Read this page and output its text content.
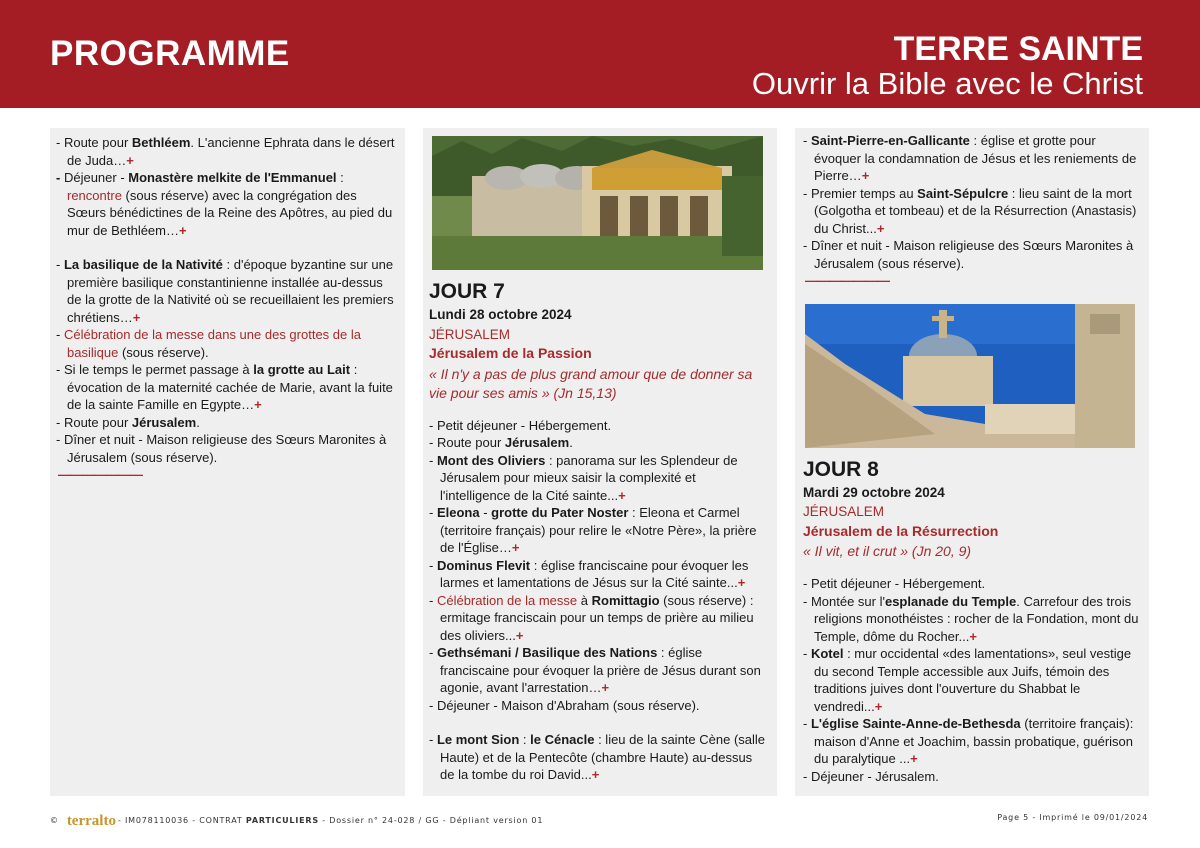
PROGRAMME	TERRE SAINTE
Ouvrir la Bible avec le Christ
- Route pour Bethléem. L'ancienne Ephrata dans le désert de Juda…+
- Déjeuner - Monastère melkite de l'Emmanuel : rencontre (sous réserve) avec la congrégation des Sœurs bénédictines de la Reine des Apôtres, au pied du mur de Bethléem…+
- La basilique de la Nativité : d'époque byzantine sur une première basilique constantinienne installée au-dessus de la grotte de la Nativité où se recueillaient les premiers chrétiens…+
- Célébration de la messe dans une des grottes de la basilique (sous réserve).
- Si le temps le permet passage à la grotte au Lait : évocation de la maternité cachée de Marie, avant la fuite de la sainte Famille en Egypte…+
- Route pour Jérusalem.
- Dîner et nuit - Maison religieuse des Sœurs Maronites à Jérusalem (sous réserve).
———————
JOUR 7
Lundi 28 octobre 2024
JÉRUSALEM
Jérusalem de la Passion
« Il n'y a pas de plus grand amour que de donner sa vie pour ses amis » (Jn 15,13)
- Petit déjeuner - Hébergement.
- Route pour Jérusalem.
- Mont des Oliviers : panorama sur les Splendeur de Jérusalem pour mieux saisir la complexité et l'intelligence de la Cité sainte...+
- Eleona - grotte du Pater Noster : Eleona et Carmel (territoire français) pour relire le «Notre Père», la prière de l'Église…+
- Dominus Flevit : église franciscaine pour évoquer les larmes et lamentations de Jésus sur la Cité sainte...+
- Célébration de la messe à Romittagio (sous réserve) : ermitage franciscain pour un temps de prière au milieu des oliviers...+
- Gethsémani / Basilique des Nations : église franciscaine pour évoquer la prière de Jésus durant son agonie, avant l'arrestation…+
- Déjeuner - Maison d'Abraham (sous réserve).
- Le mont Sion : le Cénacle : lieu de la sainte Cène (salle Haute) et de la Pentecôte (chambre Haute) au-dessus de la tombe du roi David...+
- Saint-Pierre-en-Gallicante : église et grotte pour évoquer la condamnation de Jésus et les reniements de Pierre…+
- Premier temps au Saint-Sépulcre : lieu saint de la mort (Golgotha et tombeau) et de la Résurrection (Anastasis) du Christ...+
- Dîner et nuit - Maison religieuse des Sœurs Maronites à Jérusalem (sous réserve).
———————
JOUR 8
Mardi 29 octobre 2024
JÉRUSALEM
Jérusalem de la Résurrection
« Il vit, et il crut » (Jn 20, 9)
- Petit déjeuner - Hébergement.
- Montée sur l'esplanade du Temple. Carrefour des trois religions monothéistes : rocher de la Fondation, mont du Temple, dôme du Rocher...+
- Kotel : mur occidental «des lamentations», seul vestige du second Temple accessible aux Juifs, témoin des traditions juives dont l'ouverture du Shabbat le vendredi...+
- L'église Sainte-Anne-de-Bethesda (territoire français): maison d'Anne et Joachim, bassin probatique, guérison du paralytique ...+
- Déjeuner - Jérusalem.
© terralto - IM078110036 - CONTRAT PARTICULIERS - Dossier n° 24-028 / GG - Dépliant version 01	Page 5 - Imprimé le 09/01/2024
